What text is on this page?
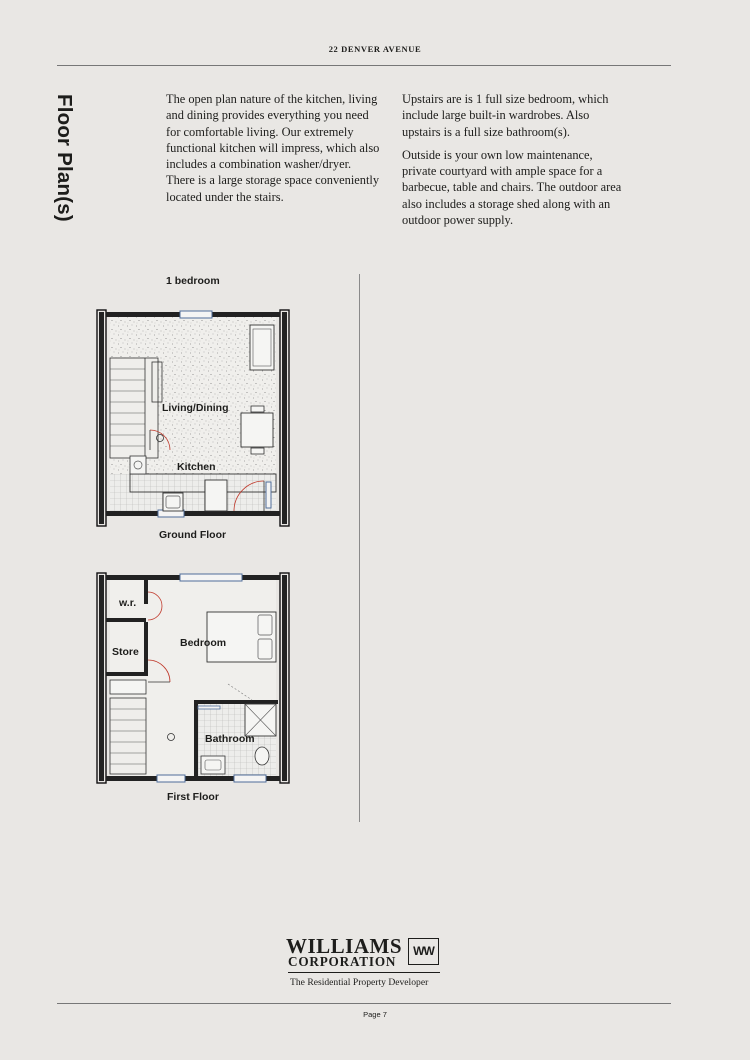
22 DENVER AVENUE
Floor Plan(s)	The open plan nature of the kitchen, living and dining provides everything you need for comfortable living. Our extremely functional kitchen will impress, which also includes a combination washer/dryer. There is a large storage space conveniently located under the stairs.

Upstairs are is 1 full size bedroom, which include large built-in wardrobes. Also upstairs is a full size bathroom(s).

Outside is your own low maintenance, private courtyard with ample space for a barbecue, table and chairs. The outdoor area also includes a storage shed along with an outdoor power supply.

1 bedroom
Living/Dining
Kitchen
Ground Floor
w.r.
Store
Bedroom
Bathroom
First Floor
WILLIAMS
CORPORATION
WW
The Residential Property Developer
Page 7
